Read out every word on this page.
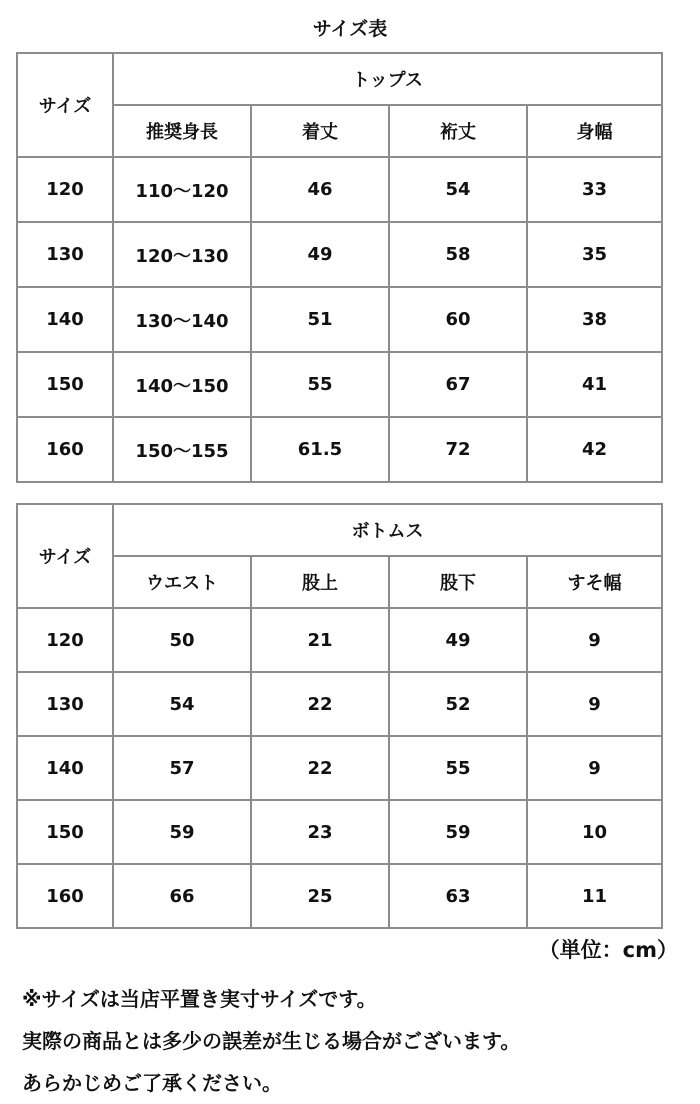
サイズ表
サイズ	トップス			
	推奨身長	着丈	裄丈	身幅
120	110〜120	46	54	33
130	120〜130	49	58	35
140	130〜140	51	60	38
150	140〜150	55	67	41
160	150〜155	61.5	72	42
サイズ	ボトムス			
	ウエスト	股上	股下	すそ幅
120	50	21	49	9
130	54	22	52	9
140	57	22	55	9
150	59	23	59	10
160	66	25	63	11
（単位：cm）
※サイズは当店平置き実寸サイズです。
実際の商品とは多少の誤差が生じる場合がございます。
あらかじめご了承ください。
